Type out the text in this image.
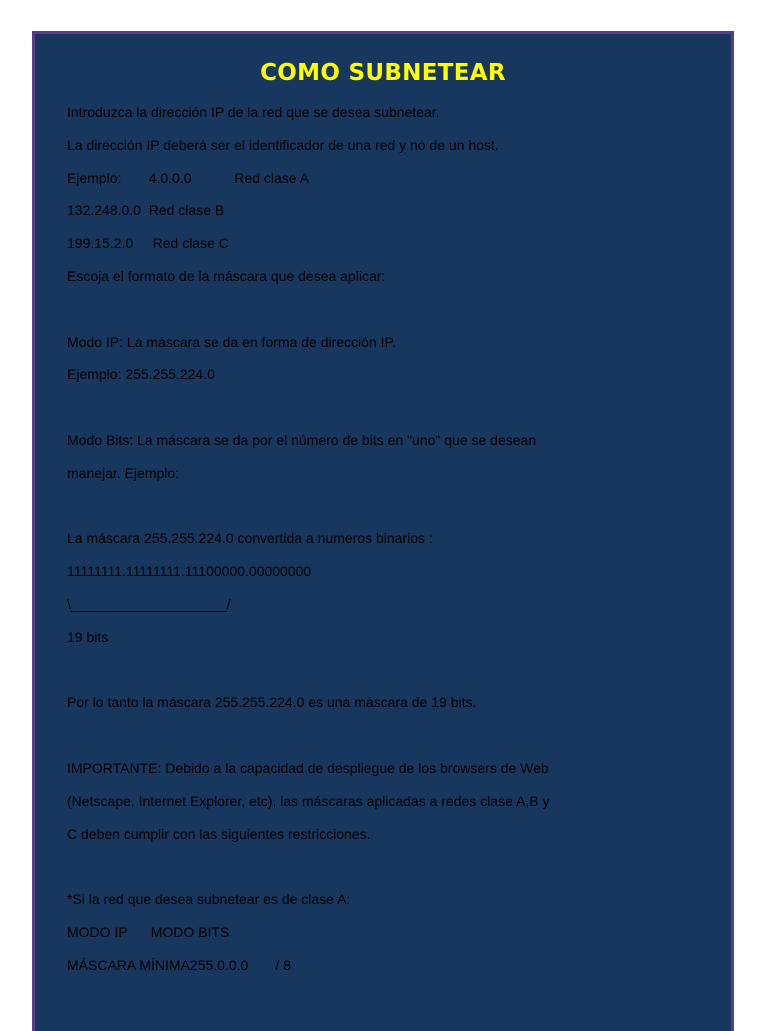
COMO SUBNETEAR
Introduzca la dirección IP de la red que se desea subnetear.
La dirección IP deberá ser el identificador de una red y no de un host.
Ejemplo:       4.0.0.0           Red clase A
132.248.0.0  Red clase B
199.15.2.0     Red clase C
Escoja el formato de la máscara que desea aplicar:
Modo IP: La máscara se da en forma de dirección IP.
Ejemplo: 255.255.224.0
Modo Bits: La máscara se da por el número de bits en "uno" que se desean
manejar. Ejemplo:
La máscara 255.255.224.0 convertida a numeros binarios :
11111111.11111111.11100000.00000000
\____________________/
19 bits
Por lo tanto la máscara 255.255.224.0 es una máscara de 19 bits.
IMPORTANTE: Debido a la capacidad de despliegue de los browsers de Web
(Netscape, Internet Explorer, etc), las máscaras aplicadas a redes clase A,B y
C deben cumplir con las siguientes restricciones.
*Si la red que desea subnetear es de clase A:
MODO IP      MODO BITS
MÁSCARA MÍNIMA255.0.0.0       / 8
